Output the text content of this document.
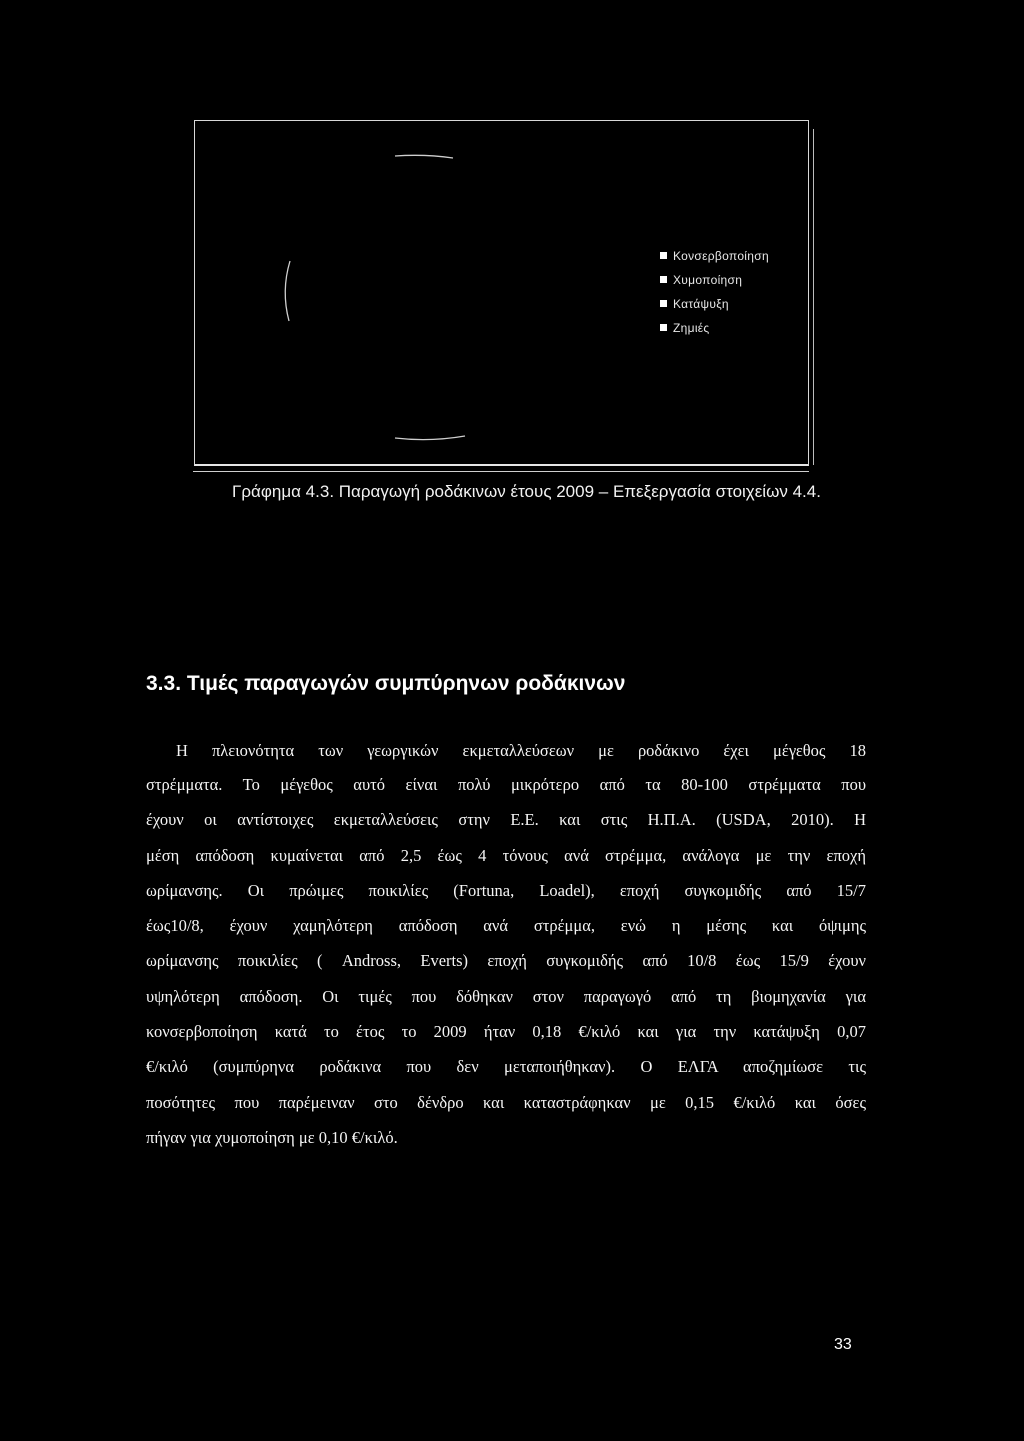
Κονσερβοποίηση
Χυμοποίηση
Κατάψυξη
Ζημιές
Γράφημα 4.3. Παραγωγή ροδάκινων έτους 2009 – Επεξεργασία στοιχείων 4.4.
3.3. Τιμές παραγωγών συμπύρηνων ροδάκινων
Η πλειονότητα των γεωργικών εκμεταλλεύσεων με ροδάκινο έχει μέγεθος 18
στρέμματα. Το μέγεθος αυτό είναι πολύ μικρότερο από τα 80-100 στρέμματα που
έχουν οι αντίστοιχες εκμεταλλεύσεις στην Ε.Ε. και στις Η.Π.Α. (USDA, 2010). Η
μέση απόδοση κυμαίνεται από 2,5 έως 4 τόνους ανά στρέμμα, ανάλογα με την εποχή
ωρίμανσης. Οι πρώιμες ποικιλίες (Fortuna, Loadel), εποχή συγκομιδής από 15/7
έως10/8, έχουν χαμηλότερη απόδοση ανά στρέμμα, ενώ η μέσης και όψιμης
ωρίμανσης ποικιλίες ( Andross, Everts) εποχή συγκομιδής από 10/8 έως 15/9 έχουν
υψηλότερη απόδοση. Οι τιμές που δόθηκαν στον παραγωγό από τη βιομηχανία για
κονσερβοποίηση κατά το έτος το 2009 ήταν 0,18 €/κιλό και για την κατάψυξη 0,07
€/κιλό (συμπύρηνα ροδάκινα που δεν μεταποιήθηκαν). Ο ΕΛΓΑ αποζημίωσε τις
ποσότητες που παρέμειναν στο δένδρο και καταστράφηκαν με 0,15 €/κιλό και όσες
πήγαν για χυμοποίηση με 0,10 €/κιλό.
33
